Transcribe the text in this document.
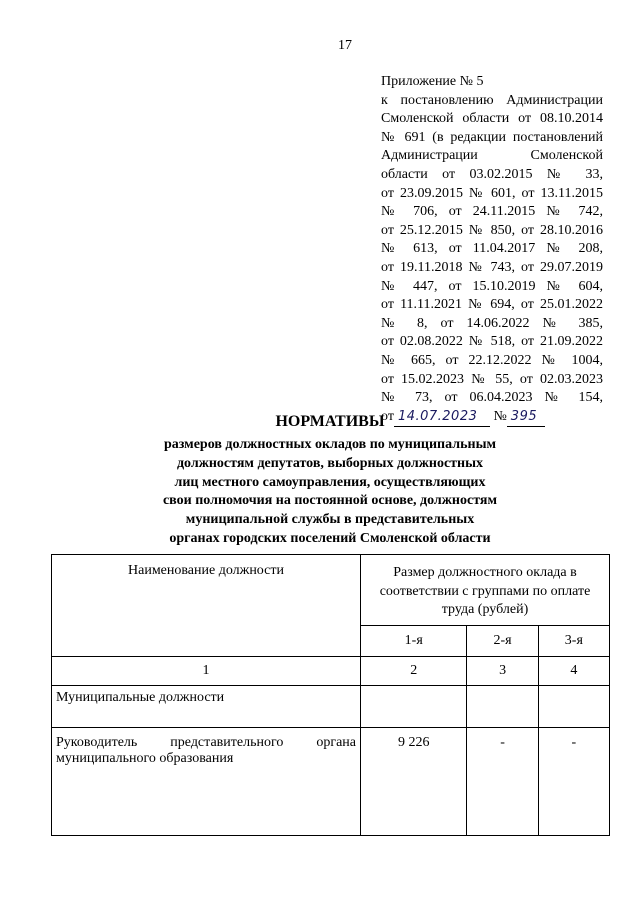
17
Приложение № 5
к постановлению Администрации
Смоленской области от 08.10.2014
№ 691 (в редакции постановлений
Администрации Смоленской
области от 03.02.2015 № 33,
от 23.09.2015 № 601, от 13.11.2015
№ 706, от 24.11.2015 № 742,
от 25.12.2015 № 850, от 28.10.2016
№ 613, от 11.04.2017 № 208,
от 19.11.2018 № 743, от 29.07.2019
№ 447, от 15.10.2019 № 604,
от 11.11.2021 № 694, от 25.01.2022
№ 8, от 14.06.2022 № 385,
от 02.08.2022 № 518, от 21.09.2022
№ 665, от 22.12.2022 № 1004,
от 15.02.2023 № 55, от 02.03.2023
№ 73, от 06.04.2023 № 154,
от 14.07.2023 № 395
НОРМАТИВЫ
размеров должностных окладов по муниципальным
должностям депутатов, выборных должностных
лиц местного самоуправления, осуществляющих
свои полномочия на постоянной основе, должностям
муниципальной службы в представительных
органах городских поселений Смоленской области
Наименование должности	Размер должностного оклада в соответствии с группами по оплате труда (рублей)		
	1-я	2-я	3-я
1	2	3	4
Муниципальные должности			

Руководитель представительного органа
муниципального образования	9 226	-	-
